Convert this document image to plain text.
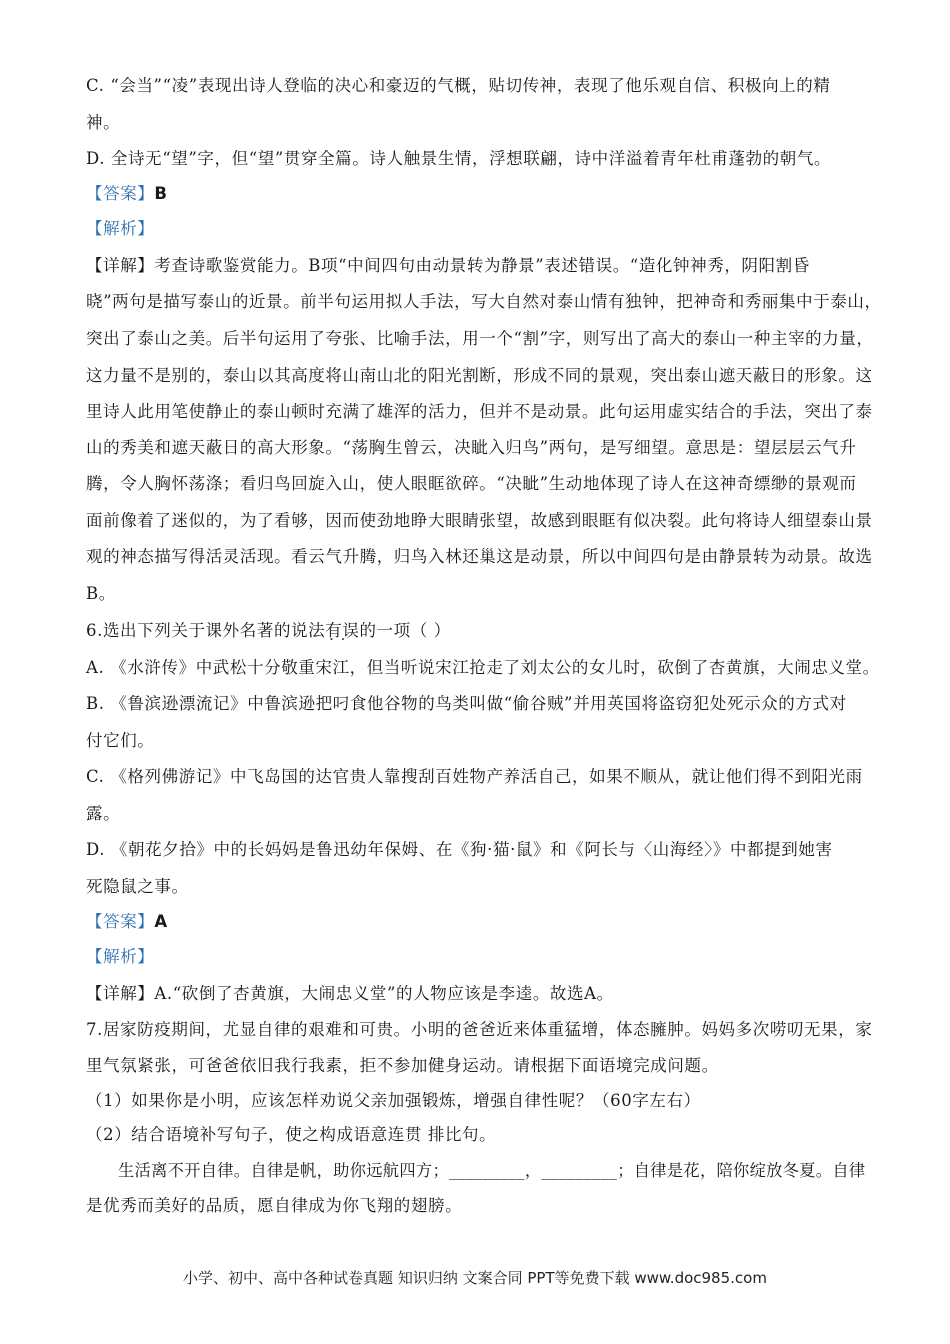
C. “会当”“凌”表现出诗人登临的决心和豪迈的气概，贴切传神，表现了他乐观自信、积极向上的精
神。
D. 全诗无“望”字，但“望”贯穿全篇。诗人触景生情，浮想联翩，诗中洋溢着青年杜甫蓬勃的朝气。
【答案】B
【解析】
【详解】考查诗歌鉴赏能力。B项“中间四句由动景转为静景”表述错误。“造化钟神秀，阴阳割昏
晓”两句是描写泰山的近景。前半句运用拟人手法，写大自然对泰山情有独钟，把神奇和秀丽集中于泰山，
突出了泰山之美。后半句运用了夸张、比喻手法，用一个“割”字，则写出了高大的泰山一种主宰的力量，
这力量不是别的，泰山以其高度将山南山北的阳光割断，形成不同的景观，突出泰山遮天蔽日的形象。这
里诗人此用笔使静止的泰山顿时充满了雄浑的活力，但并不是动景。此句运用虚实结合的手法，突出了泰
山的秀美和遮天蔽日的高大形象。“荡胸生曾云，决眦入归鸟”两句，是写细望。意思是：望层层云气升
腾，令人胸怀荡涤；看归鸟回旋入山，使人眼眶欲碎。“决眦”生动地体现了诗人在这神奇缥缈的景观而
面前像着了迷似的，为了看够，因而使劲地睁大眼睛张望，故感到眼眶有似决裂。此句将诗人细望泰山景
观的神态描写得活灵活现。看云气升腾，归鸟入林还巢这是动景，所以中间四句是由静景转为动景。故选
B。
6.选出下列关于课外名著的说法有误 · ·的一项（ ）
A. 《水浒传》中武松十分敬重宋江，但当听说宋江抢走了刘太公的女儿时，砍倒了杏黄旗，大闹忠义堂。
B. 《鲁滨逊漂流记》中鲁滨逊把叼食他谷物的鸟类叫做“偷谷贼”并用英国将盗窃犯处死示众的方式对
付它们。
C. 《格列佛游记》中飞岛国的达官贵人靠搜刮百姓物产养活自己，如果不顺从，就让他们得不到阳光雨
露。
D. 《朝花夕拾》中的长妈妈是鲁迅幼年保姆、在《狗·猫·鼠》和《阿长与〈山海经〉》中都提到她害
死隐鼠之事。
【答案】A
【解析】
【详解】A.“砍倒了杏黄旗，大闹忠义堂”的人物应该是李逵。故选A。
7.居家防疫期间，尤显自律的艰难和可贵。小明的爸爸近来体重猛增，体态臃肿。妈妈多次唠叨无果，家
里气氛紧张，可爸爸依旧我行我素，拒不参加健身运动。请根据下面语境完成问题。
（1）如果你是小明，应该怎样劝说父亲加强锻炼，增强自律性呢？（60字左右）
（2）结合语境补写句子，使之构成语意连贯 排比句。
生活离不开自律。自律是帆，助你远航四方；_________，_________；自律是花，陪你绽放冬夏。自律
是优秀而美好的品质，愿自律成为你飞翔的翅膀。
小学、初中、高中各种试卷真题 知识归纳 文案合同 PPT等免费下载 www.doc985.com
